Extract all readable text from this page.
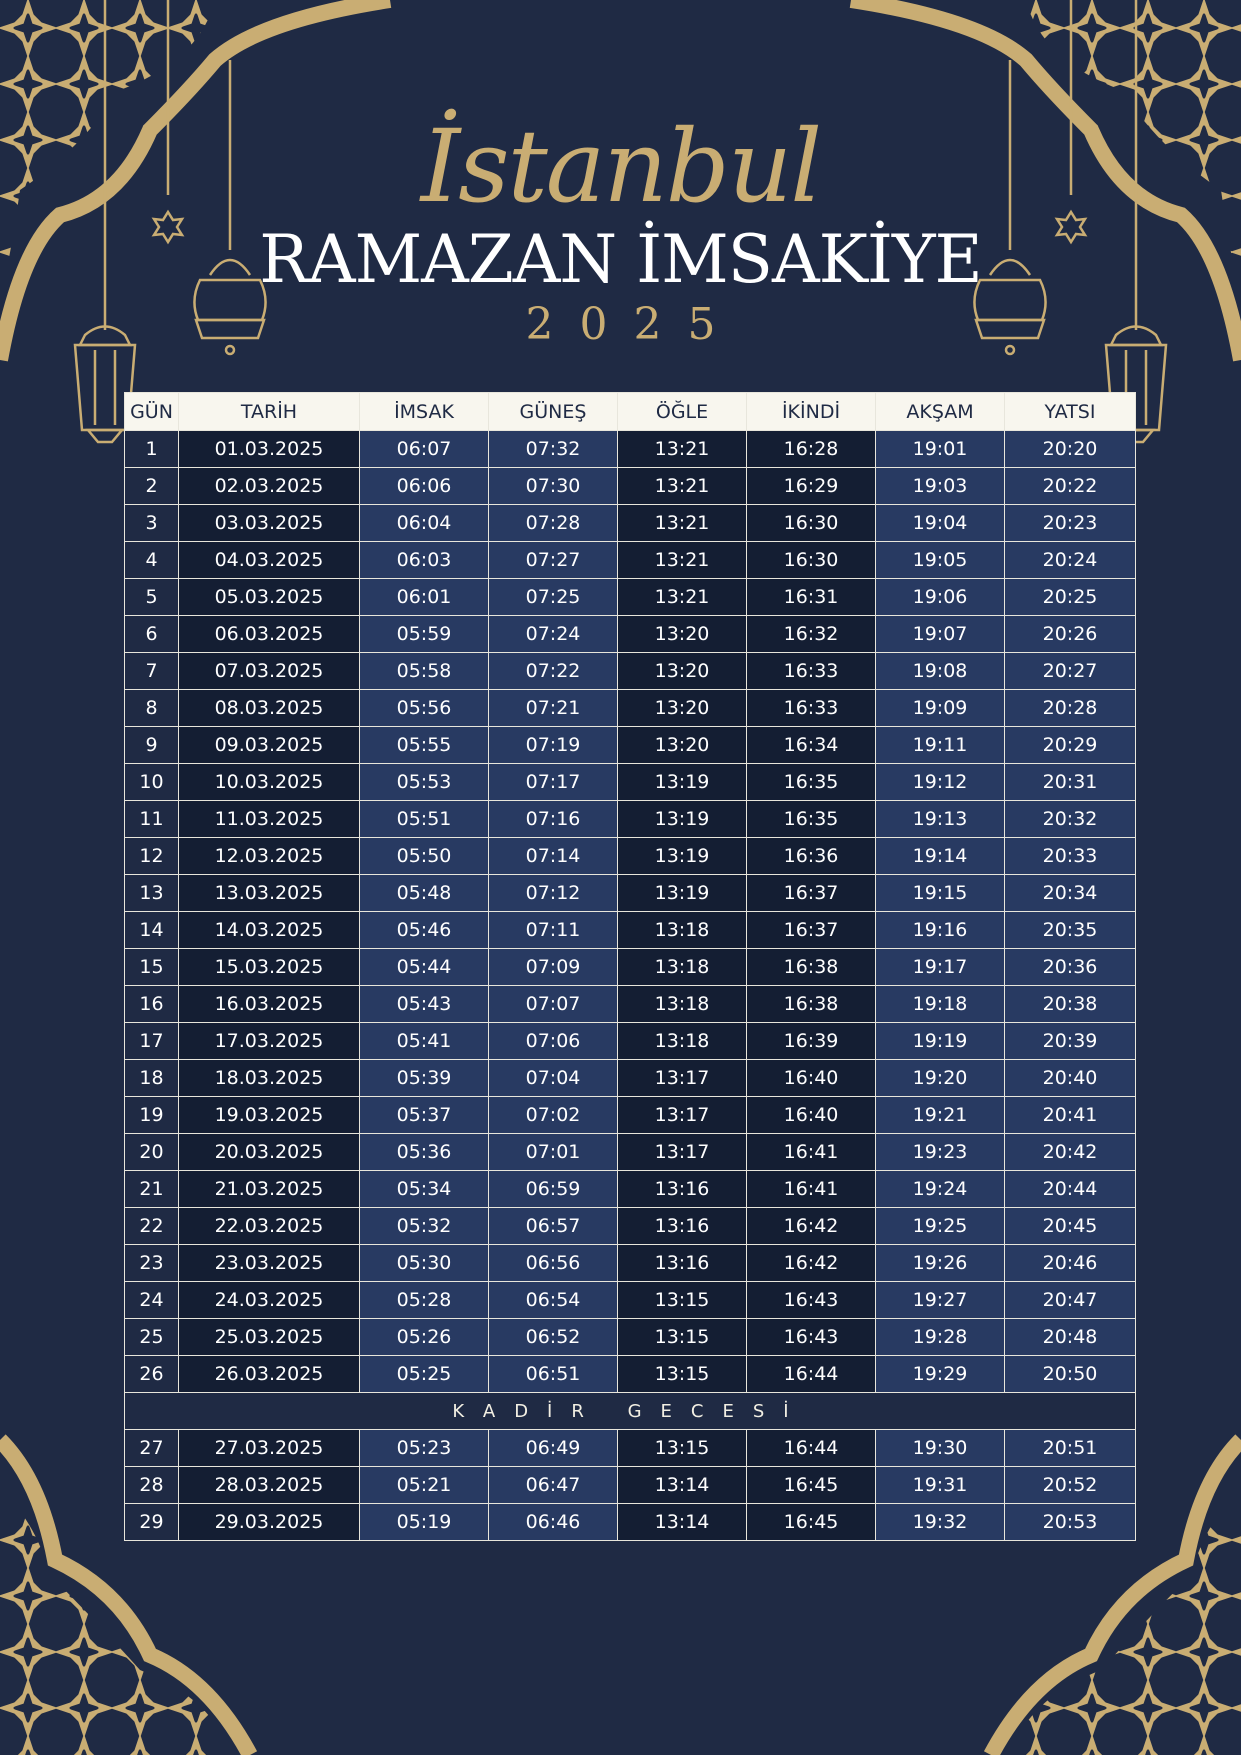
İstanbul
RAMAZAN İMSAKİYE
2025
GÜN	TARİH	İMSAK	GÜNEŞ	ÖĞLE	İKİNDİ	AKŞAM	YATSI
1	01.03.2025	06:07	07:32	13:21	16:28	19:01	20:20
2	02.03.2025	06:06	07:30	13:21	16:29	19:03	20:22
3	03.03.2025	06:04	07:28	13:21	16:30	19:04	20:23
4	04.03.2025	06:03	07:27	13:21	16:30	19:05	20:24
5	05.03.2025	06:01	07:25	13:21	16:31	19:06	20:25
6	06.03.2025	05:59	07:24	13:20	16:32	19:07	20:26
7	07.03.2025	05:58	07:22	13:20	16:33	19:08	20:27
8	08.03.2025	05:56	07:21	13:20	16:33	19:09	20:28
9	09.03.2025	05:55	07:19	13:20	16:34	19:11	20:29
10	10.03.2025	05:53	07:17	13:19	16:35	19:12	20:31
11	11.03.2025	05:51	07:16	13:19	16:35	19:13	20:32
12	12.03.2025	05:50	07:14	13:19	16:36	19:14	20:33
13	13.03.2025	05:48	07:12	13:19	16:37	19:15	20:34
14	14.03.2025	05:46	07:11	13:18	16:37	19:16	20:35
15	15.03.2025	05:44	07:09	13:18	16:38	19:17	20:36
16	16.03.2025	05:43	07:07	13:18	16:38	19:18	20:38
17	17.03.2025	05:41	07:06	13:18	16:39	19:19	20:39
18	18.03.2025	05:39	07:04	13:17	16:40	19:20	20:40
19	19.03.2025	05:37	07:02	13:17	16:40	19:21	20:41
20	20.03.2025	05:36	07:01	13:17	16:41	19:23	20:42
21	21.03.2025	05:34	06:59	13:16	16:41	19:24	20:44
22	22.03.2025	05:32	06:57	13:16	16:42	19:25	20:45
23	23.03.2025	05:30	06:56	13:16	16:42	19:26	20:46
24	24.03.2025	05:28	06:54	13:15	16:43	19:27	20:47
25	25.03.2025	05:26	06:52	13:15	16:43	19:28	20:48
26	26.03.2025	05:25	06:51	13:15	16:44	19:29	20:50
KADİR GECESİ							
27	27.03.2025	05:23	06:49	13:15	16:44	19:30	20:51
28	28.03.2025	05:21	06:47	13:14	16:45	19:31	20:52
29	29.03.2025	05:19	06:46	13:14	16:45	19:32	20:53
